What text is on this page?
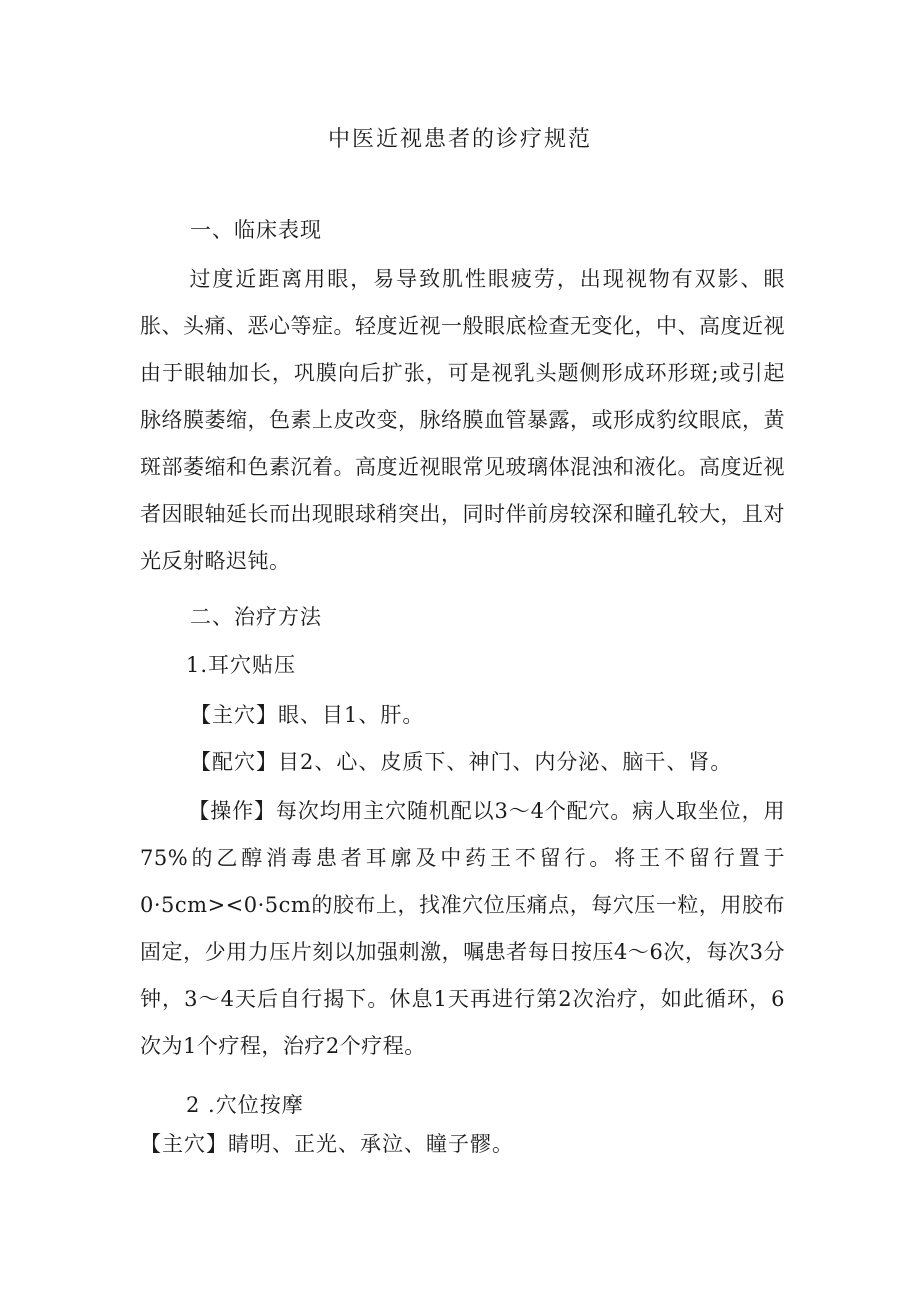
中医近视患者的诊疗规范
一、临床表现
过度近距离用眼，易导致肌性眼疲劳，出现视物有双影、眼胀、头痛、恶心等症。轻度近视一般眼底检查无变化，中、高度近视由于眼轴加长，巩膜向后扩张，可是视乳头题侧形成环形斑;或引起脉络膜萎缩，色素上皮改变，脉络膜血管暴露，或形成豹纹眼底，黄斑部萎缩和色素沉着。高度近视眼常见玻璃体混浊和液化。高度近视者因眼轴延长而出现眼球稍突出，同时伴前房较深和瞳孔较大，且对光反射略迟钝。
二、治疗方法
1.耳穴贴压
【主穴】眼、目1、肝。
【配穴】目2、心、皮质下、神门、内分泌、脑干、肾。
【操作】每次均用主穴随机配以3～4个配穴。病人取坐位，用75%的乙醇消毒患者耳廓及中药王不留行。将王不留行置于0·5cm><0·5cm的胶布上，找准穴位压痛点，每穴压一粒，用胶布固定，少用力压片刻以加强刺激，嘱患者每日按压4～6次，每次3分钟，3～4天后自行揭下。休息1天再进行第2次治疗，如此循环，6次为1个疗程，治疗2个疗程。
2 .穴位按摩
【主穴】睛明、正光、承泣、瞳子髎。
